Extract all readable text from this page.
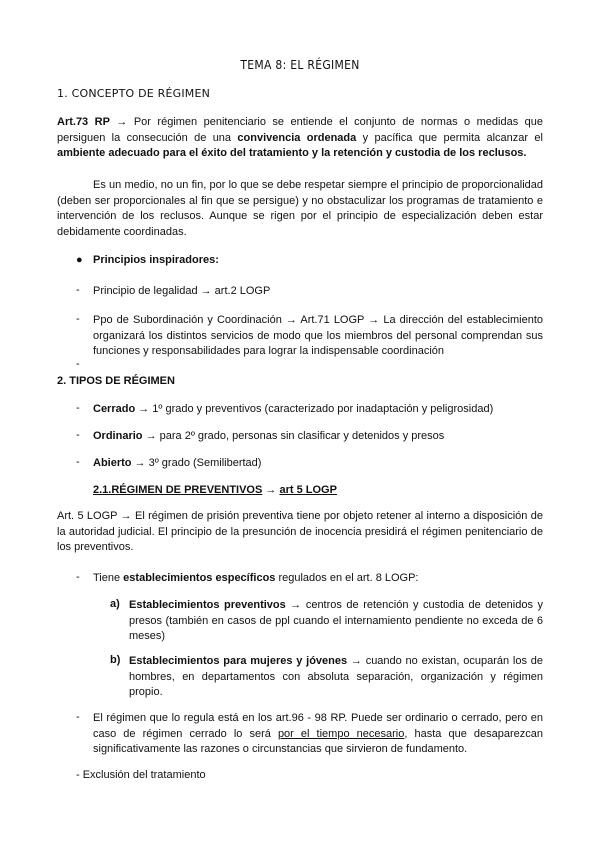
TEMA 8: EL RÉGIMEN
1. CONCEPTO DE RÉGIMEN
Art.73 RP → Por régimen penitenciario se entiende el conjunto de normas o medidas que persiguen la consecución de una convivencia ordenada y pacífica que permita alcanzar el ambiente adecuado para el éxito del tratamiento y la retención y custodia de los reclusos.
Es un medio, no un fin, por lo que se debe respetar siempre el principio de proporcionalidad (deben ser proporcionales al fin que se persigue) y no obstaculizar los programas de tratamiento e intervención de los reclusos. Aunque se rigen por el principio de especialización deben estar debidamente coordinadas.
● Principios inspiradores:
- Principio de legalidad → art.2 LOGP
- Ppo de Subordinación y Coordinación → Art.71 LOGP → La dirección del establecimiento organizará los distintos servicios de modo que los miembros del personal comprendan sus funciones y responsabilidades para lograr la indispensable coordinación
-
2. TIPOS DE RÉGIMEN
- Cerrado → 1º grado y preventivos (caracterizado por inadaptación y peligrosidad)
- Ordinario → para 2º grado, personas sin clasificar y detenidos y presos
- Abierto → 3º grado (Semilibertad)
2.1.RÉGIMEN DE PREVENTIVOS → art 5 LOGP
Art. 5 LOGP → El régimen de prisión preventiva tiene por objeto retener al interno a disposición de la autoridad judicial. El principio de la presunción de inocencia presidirá el régimen penitenciario de los preventivos.
- Tiene establecimientos específicos regulados en el art. 8 LOGP:
a) Establecimientos preventivos → centros de retención y custodia de detenidos y presos (también en casos de ppl cuando el internamiento pendiente no exceda de 6 meses)
b) Establecimientos para mujeres y jóvenes → cuando no existan, ocuparán los de hombres, en departamentos con absoluta separación, organización y régimen propio.
- El régimen que lo regula está en los art.96 - 98 RP. Puede ser ordinario o cerrado, pero en caso de régimen cerrado lo será por el tiempo necesario, hasta que desaparezcan significativamente las razones o circunstancias que sirvieron de fundamento.
- Exclusión del tratamiento
